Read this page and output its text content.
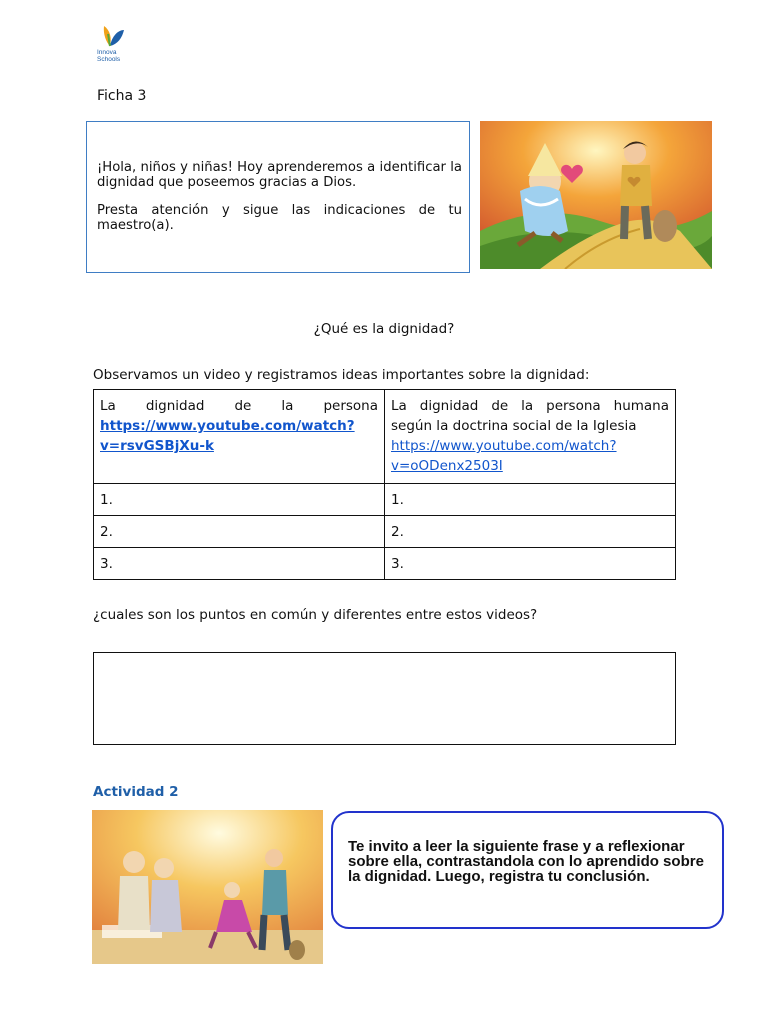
Innova
Schools
Ficha 3

¡Hola, niños y niñas! Hoy aprenderemos a identificar la dignidad que poseemos gracias a Dios.

Presta atención y sigue las indicaciones de tu maestro(a).

¿Qué es la dignidad?
Observamos un video y registramos ideas importantes sobre la dignidad:
La dignidad de la persona
https://www.youtube.com/watch?
v=rsvGSBjXu-k	La dignidad de la persona humana
según la doctrina social de la Iglesia
https://www.youtube.com/watch?
v=oODenx2503I
1.	1.
2.	2.
3.	3.
¿cuales son los puntos en común y diferentes entre estos videos?
Actividad 2
Te invito a leer la siguiente frase y a reflexionar sobre ella, contrastandola con lo aprendido sobre la dignidad. Luego, registra tu conclusión.
